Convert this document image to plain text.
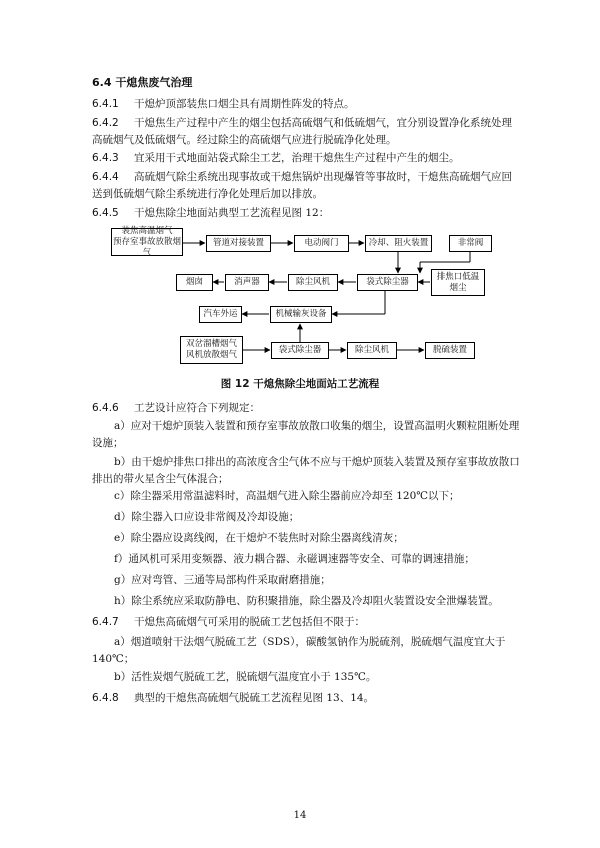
6.4 干熄焦废气治理
6.4.1 干熄炉顶部装焦口烟尘具有周期性阵发的特点。
6.4.2 干熄焦生产过程中产生的烟尘包括高硫烟气和低硫烟气，宜分别设置净化系统处理高硫烟气及低硫烟气。经过除尘的高硫烟气应进行脱硫净化处理。
6.4.3 宜采用干式地面站袋式除尘工艺，治理干熄焦生产过程中产生的烟尘。
6.4.4 高硫烟气除尘系统出现事故或干熄焦锅炉出现爆管等事故时，干熄焦高硫烟气应回送到低硫烟气除尘系统进行净化处理后加以排放。
6.4.5 干熄焦除尘地面站典型工艺流程见图 12：
装焦高温烟气
预存室事故放散烟气
管道对接装置	电动阀门	冷却、阻火装置	非常阀
烟囱	消声器	除尘风机	袋式除尘器
排焦口低温
烟尘
汽车外运	机械输灰设备
双岔溜槽烟气
风机放散烟气	袋式除尘器	除尘风机	脱硫装置
图 12 干熄焦除尘地面站工艺流程
6.4.6 工艺设计应符合下列规定：
a）应对干熄炉顶装入装置和预存室事故放散口收集的烟尘，设置高温明火颗粒阻断处理设施；
b）由干熄炉排焦口排出的高浓度含尘气体不应与干熄炉顶装入装置及预存室事故放散口排出的带火星含尘气体混合；
c）除尘器采用常温滤料时，高温烟气进入除尘器前应冷却至 120℃以下；
d）除尘器入口应设非常阀及冷却设施；
e）除尘器应设离线阀，在干熄炉不装焦时对除尘器离线清灰；
f）通风机可采用变频器、液力耦合器、永磁调速器等安全、可靠的调速措施；
g）应对弯管、三通等局部构件采取耐磨措施；
h）除尘系统应采取防静电、防积聚措施，除尘器及冷却阻火装置设安全泄爆装置。
6.4.7 干熄焦高硫烟气可采用的脱硫工艺包括但不限于：
a）烟道喷射干法烟气脱硫工艺（SDS），碳酸氢钠作为脱硫剂，脱硫烟气温度宜大于 140℃；
b）活性炭烟气脱硫工艺，脱硫烟气温度宜小于 135℃。
6.4.8 典型的干熄焦高硫烟气脱硫工艺流程见图 13、14。
14
